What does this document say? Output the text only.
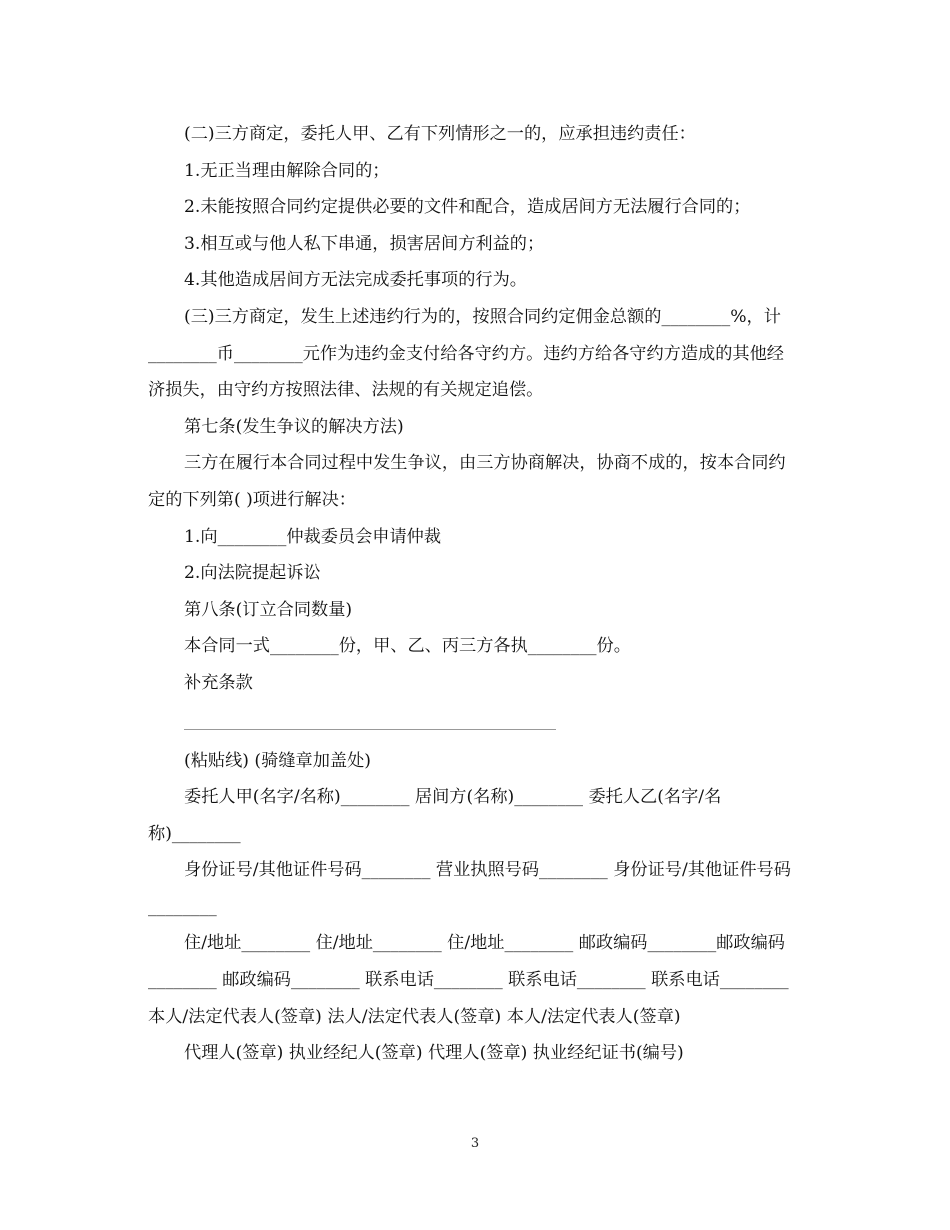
(二)三方商定，委托人甲、乙有下列情形之一的，应承担违约责任：

1.无正当理由解除合同的；

2.未能按照合同约定提供必要的文件和配合，造成居间方无法履行合同的；

3.相互或与他人私下串通，损害居间方利益的；

4.其他造成居间方无法完成委托事项的行为。

(三)三方商定，发生上述违约行为的，按照合同约定佣金总额的________%，计________币________元作为违约金支付给各守约方。违约方给各守约方造成的其他经济损失，由守约方按照法律、法规的有关规定追偿。

第七条(发生争议的解决方法)

三方在履行本合同过程中发生争议，由三方协商解决，协商不成的，按本合同约定的下列第( )项进行解决：

1.向________仲裁委员会申请仲裁

2.向法院提起诉讼

第八条(订立合同数量)

本合同一式________份，甲、乙、丙三方各执________份。

补充条款

(粘贴线) (骑缝章加盖处)

委托人甲(名字/名称)________ 居间方(名称)________ 委托人乙(名字/名称)________

身份证号/其他证件号码________ 营业执照号码________ 身份证号/其他证件号码________

住/地址________ 住/地址________ 住/地址________ 邮政编码________邮政编码________ 邮政编码________ 联系电话________ 联系电话________ 联系电话________ 本人/法定代表人(签章) 法人/法定代表人(签章) 本人/法定代表人(签章)

代理人(签章) 执业经纪人(签章) 代理人(签章) 执业经纪证书(编号)

3
